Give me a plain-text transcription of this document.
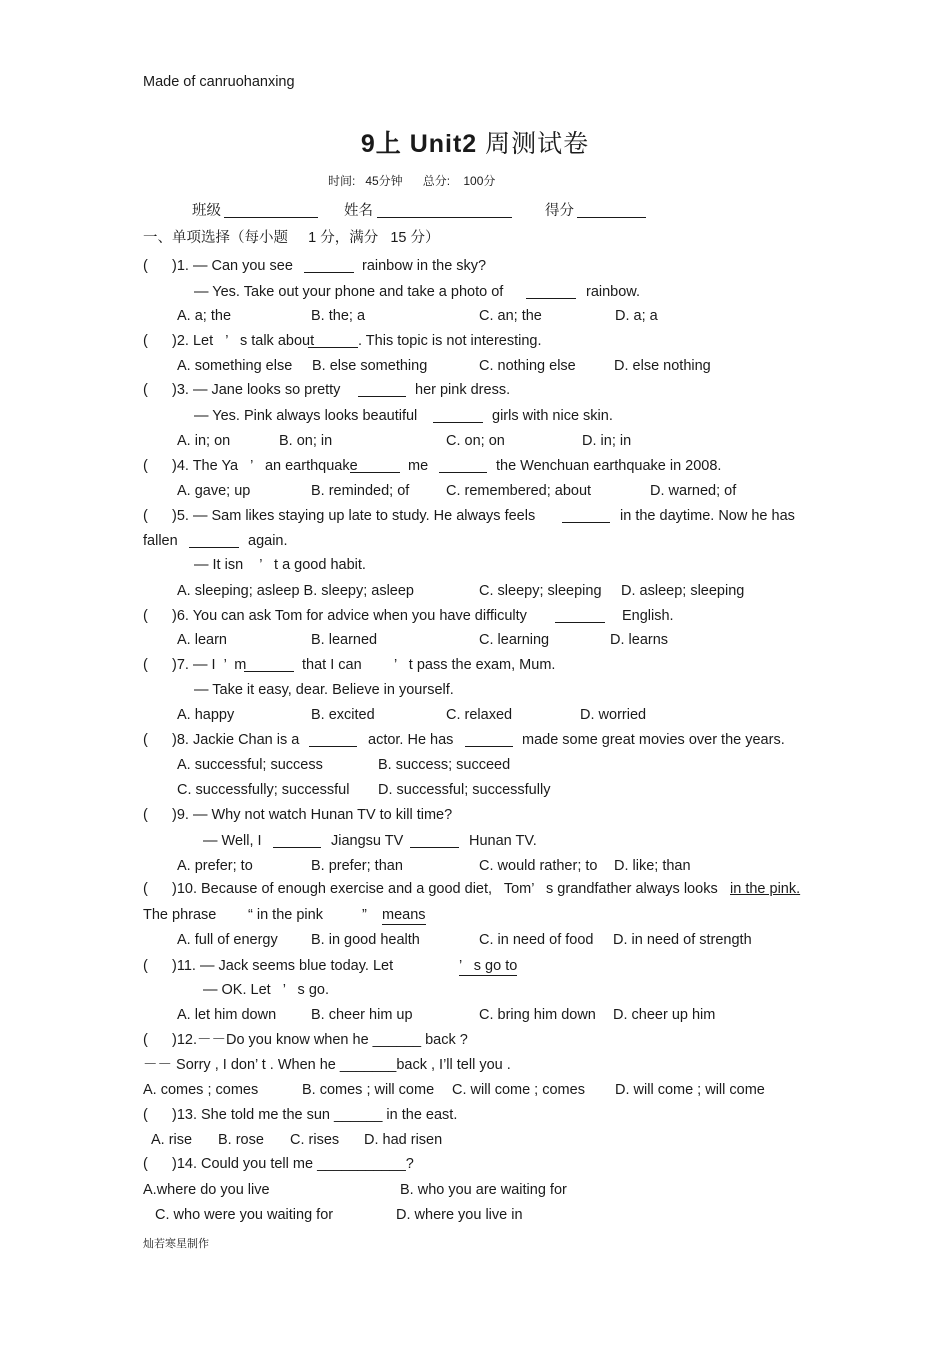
Made of canruohanxing
9上 Unit2 周测试卷
时间:   45分钟      总分:    100分
班级	姓名	得分
一、单项选择（每小题     1 分，满分   15 分）
(      )1. — Can you see	rainbow in the sky?
— Yes. Take out your phone and take a photo of	rainbow.
A. a; the	B. the; a	C. an; the	D. a; a
(      )2. Let   ’   s talk about	. This topic is not interesting.
A. something else B. else something	C. nothing else	D. else nothing
(      )3. — Jane looks so pretty	her pink dress.
— Yes. Pink always looks beautiful	girls with nice skin.
A. in; on	B. on; in	C. on; on	D. in; in
(      )4. The Ya   ’   an earthquake	me	the Wenchuan earthquake in 2008.
A. gave; up	B. reminded; of	C. remembered; about	D. warned; of
(      )5. — Sam likes staying up late to study. He always feels	in the daytime. Now he has
fallen	again.
— It isn    ’   t a good habit.
A. sleeping; asleep B. sleepy; asleep	C. sleepy; sleeping D. asleep; sleeping
(      )6. You can ask Tom for advice when you have difficulty	English.
A. learn	B. learned	C. learning	D. learns
(      )7. — I  ’  m	that I can ’   t pass the exam, Mum.
— Take it easy, dear. Believe in yourself.
A. happy	B. excited	C. relaxed	D. worried
(      )8. Jackie Chan is a	actor. He has	made some great movies over the years.
A. successful; success	B. success; succeed
C. successfully; successful D. successful; successfully
(      )9. — Why not watch Hunan TV to kill time?
— Well, I	Jiangsu TV	Hunan TV.
A. prefer; to	B. prefer; than	C. would rather; to D. like; than
(      )10. Because of enough exercise and a good diet,   Tom’   s grandfather always looks in the pink.
The phrase “ in the pink	” means
A. full of energy B. in good health	C. in need of food D. in need of strength
(      )11. — Jack seems blue today. Let	’   s go to
— OK. Let   ’   s go.
A. let him down B. cheer him up	C. bring him down D. cheer up him
(      )12.－－Do you know when he ______ back ?
－－ Sorry , I don’ t . When he _______back , I’ll tell you .
A. comes ; comes	B. comes ; will come C. will come ; comes D. will come ; will come
(      )13. She told me the sun ______ in the east.
A. rise B. rose C. rises D. had risen
(      )14. Could you tell me ___________?
A.where do you live	B. who you are waiting for
C. who were you waiting for	D. where you live in
灿若寒星制作
